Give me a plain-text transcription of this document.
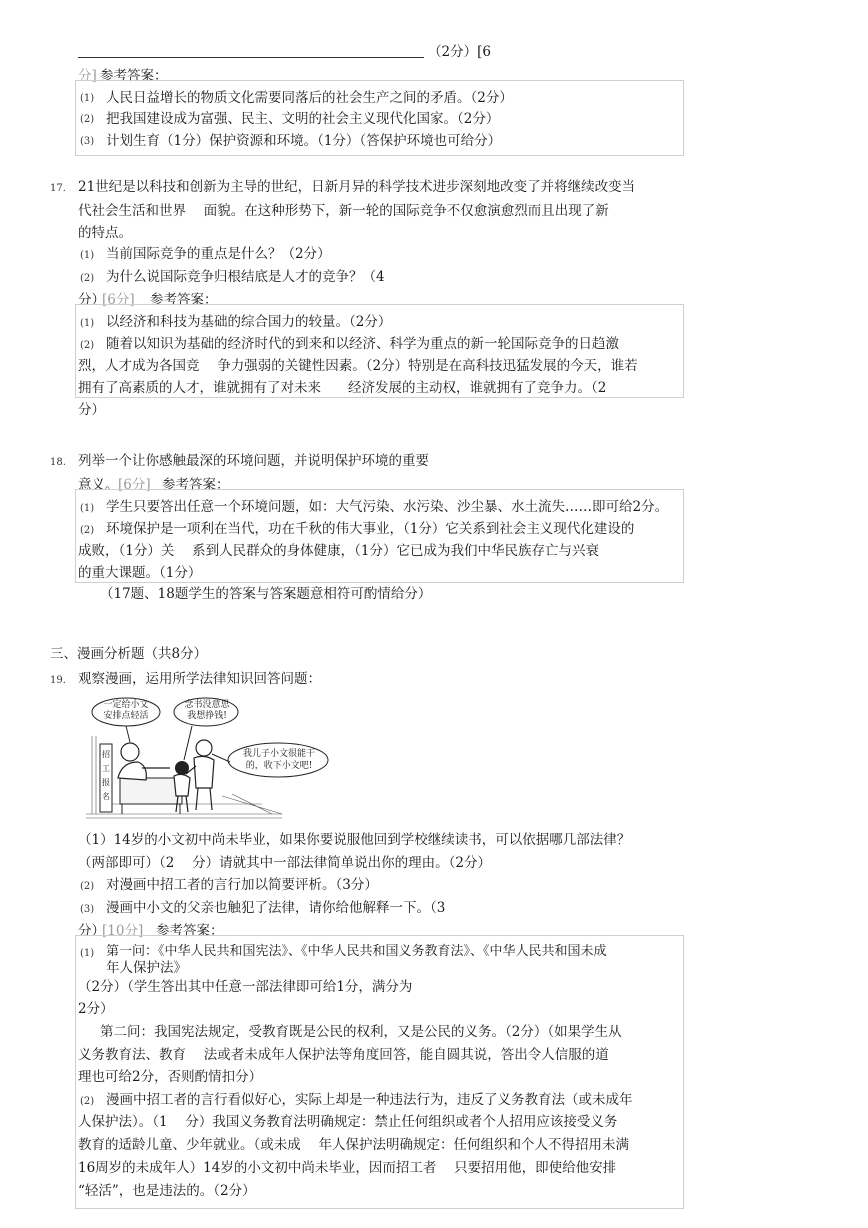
（2分）[6
分] 参考答案：
(1) 人民日益增长的物质文化需要同落后的社会生产之间的矛盾。（2分）
(2) 把我国建设成为富强、民主、文明的社会主义现代化国家。（2分）
(3) 计划生育（1分）保护资源和环境。（1分）（答保护环境也可给分）
17. 21世纪是以科技和创新为主导的世纪，日新月异的科学技术进步深刻地改变了并将继续改变当
代社会生活和世界　 面貌。在这种形势下，新一轮的国际竞争不仅愈演愈烈而且出现了新
的特点。
(1) 当前国际竞争的重点是什么？（2分）
(2) 为什么说国际竞争归根结底是人才的竞争？（4
分）
[6分] 参考答案：
(1) 以经济和科技为基础的综合国力的较量。（2分）
(2) 随着以知识为基础的经济时代的到来和以经济、科学为重点的新一轮国际竞争的日趋激
烈，人才成为各国竞　 争力强弱的关键性因素。（2分）特别是在高科技迅猛发展的今天，谁若
拥有了高素质的人才，谁就拥有了对未来　　经济发展的主动权，谁就拥有了竞争力。（2
分）
18. 列举一个让你感触最深的环境问题，并说明保护环境的重要
意义。 [6分] 参考答案：
(1) 学生只要答出任意一个环境问题，如：大气污染、水污染、沙尘暴、水土流失……即可给2分。
(2) 环境保护是一项利在当代，功在千秋的伟大事业，（1分）它关系到社会主义现代化建设的
成败，（1分）关　 系到人民群众的身体健康，（1分）它已成为我们中华民族存亡与兴衰
的重大课题。（1分）
（17题、18题学生的答案与答案题意相符可酌情给分）
三、漫画分析题（共8分）
19. 观察漫画，运用所学法律知识回答问题：
一定给小文安排点轻活
念书没意思我想挣钱!
我儿子小文很能干的，收下小文吧!
招工报名
（1）14岁的小文初中尚未毕业，如果你要说服他回到学校继续读书，可以依据哪几部法律？
（两部即可）（2　 分）请就其中一部法律简单说出你的理由。（2分）
(2) 对漫画中招工者的言行加以简要评析。（3分）
(3) 漫画中小文的父亲也触犯了法律，请你给他解释一下。（3
分）
[10分] 参考答案：
(1) 第一问：《中华人民共和国宪法》、《中华人民共和国义务教育法》、《中华人民共和国未成
年人保护法》
（2分）（学生答出其中任意一部法律即可给1分，满分为
2分）
第二问：我国宪法规定，受教育既是公民的权利，又是公民的义务。（2分）（如果学生从
义务教育法、教育　 法或者未成年人保护法等角度回答，能自圆其说，答出令人信服的道
理也可给2分，否则酌情扣分）
(2) 漫画中招工者的言行看似好心，实际上却是一种违法行为，违反了义务教育法（或未成年
人保护法）。（1　 分）我国义务教育法明确规定：禁止任何组织或者个人招用应该接受义务
教育的适龄儿童、少年就业。（或未成　 年人保护法明确规定：任何组织和个人不得招用未满
16周岁的未成年人）14岁的小文初中尚未毕业，因而招工者　 只要招用他，即使给他安排
“轻活”，也是违法的。（2分）
